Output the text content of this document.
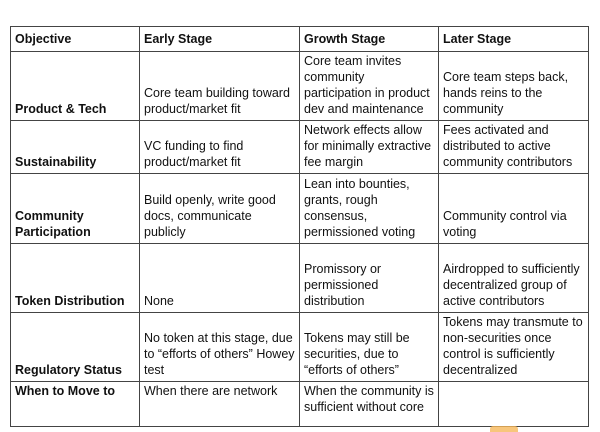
Objective	Early Stage	Growth Stage	Later Stage
Product & Tech	Core team building toward product/market fit	Core team invites community participation in product dev and maintenance	Core team steps back, hands reins to the community
Sustainability	VC funding to find product/market fit	Network effects allow for minimally extractive fee margin	Fees activated and distributed to active community contributors
Community Participation	Build openly, write good docs, communicate publicly	Lean into bounties, grants, rough consensus, permissioned voting	Community control via voting
Token Distribution	None	Promissory or permissioned distribution	Airdropped to sufficiently decentralized group of active contributors
Regulatory Status	No token at this stage, due to “efforts of others” Howey test	Tokens may still be securities, due to “efforts of others”	Tokens may transmute to non-securities once control is sufficiently decentralized
When to Move to	When there are network	When the community is sufficient without core	
